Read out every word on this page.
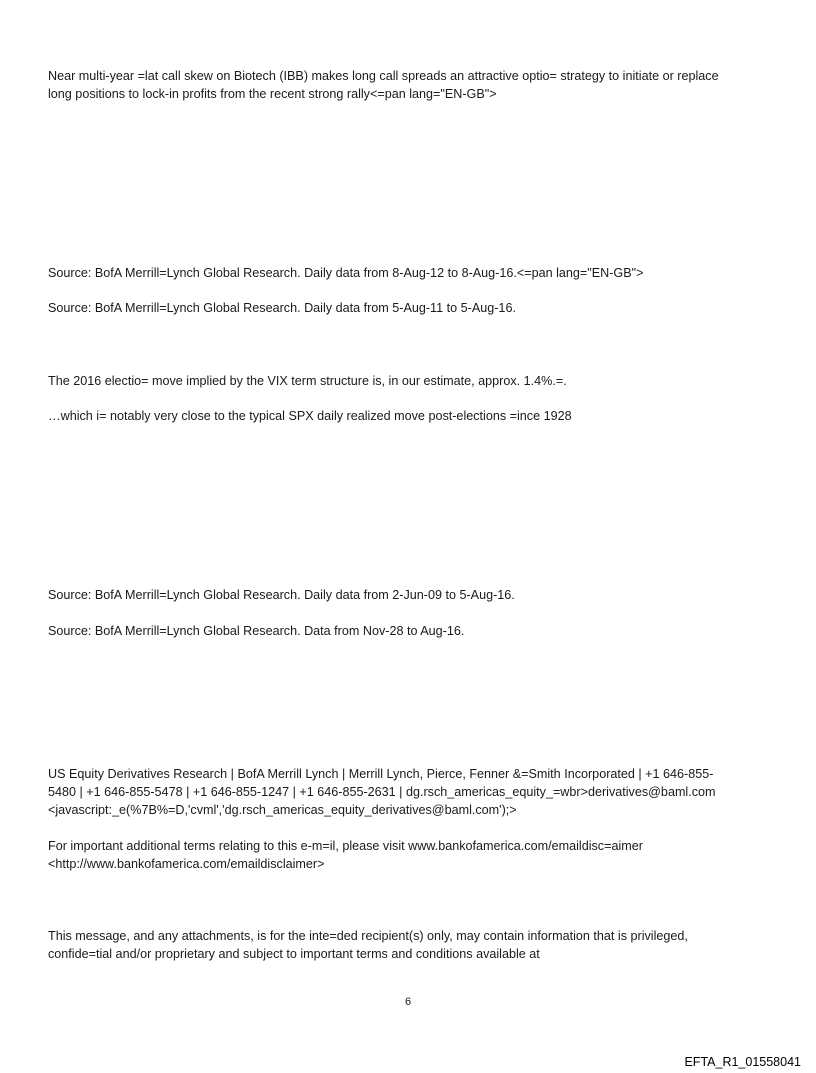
Near multi-year =lat call skew on Biotech (IBB) makes long call spreads an attractive optio= strategy to initiate or replace
long positions to lock-in profits from the recent strong rally<=pan lang="EN-GB">

Source: BofA Merrill=Lynch Global Research. Daily data from 8-Aug-12 to 8-Aug-16.<=pan lang="EN-GB">

Source: BofA Merrill=Lynch Global Research. Daily data from 5-Aug-11 to 5-Aug-16.

The 2016 electio= move implied by the VIX term structure is, in our estimate, approx. 1.4%.=.

…which i= notably very close to the typical SPX daily realized move post-elections =ince 1928

Source: BofA Merrill=Lynch Global Research. Daily data from 2-Jun-09 to 5-Aug-16.

Source: BofA Merrill=Lynch Global Research. Data from Nov-28 to Aug-16.

US Equity Derivatives Research | BofA Merrill Lynch | Merrill Lynch, Pierce, Fenner &=Smith Incorporated | +1 646-855-
5480 | +1 646-855-5478 | +1 646-855-1247 | +1 646-855-2631 | dg.rsch_americas_equity_=wbr>derivatives@baml.com
<javascript:_e(%7B%=D,'cvml','dg.rsch_americas_equity_derivatives@baml.com');>

For important additional terms relating to this e-m=il, please visit www.bankofamerica.com/emaildisc=aimer
<http://www.bankofamerica.com/emaildisclaimer>

This message, and any attachments, is for the inte=ded recipient(s) only, may contain information that is privileged,
confide=tial and/or proprietary and subject to important terms and conditions available at

6
EFTA_R1_01558041
